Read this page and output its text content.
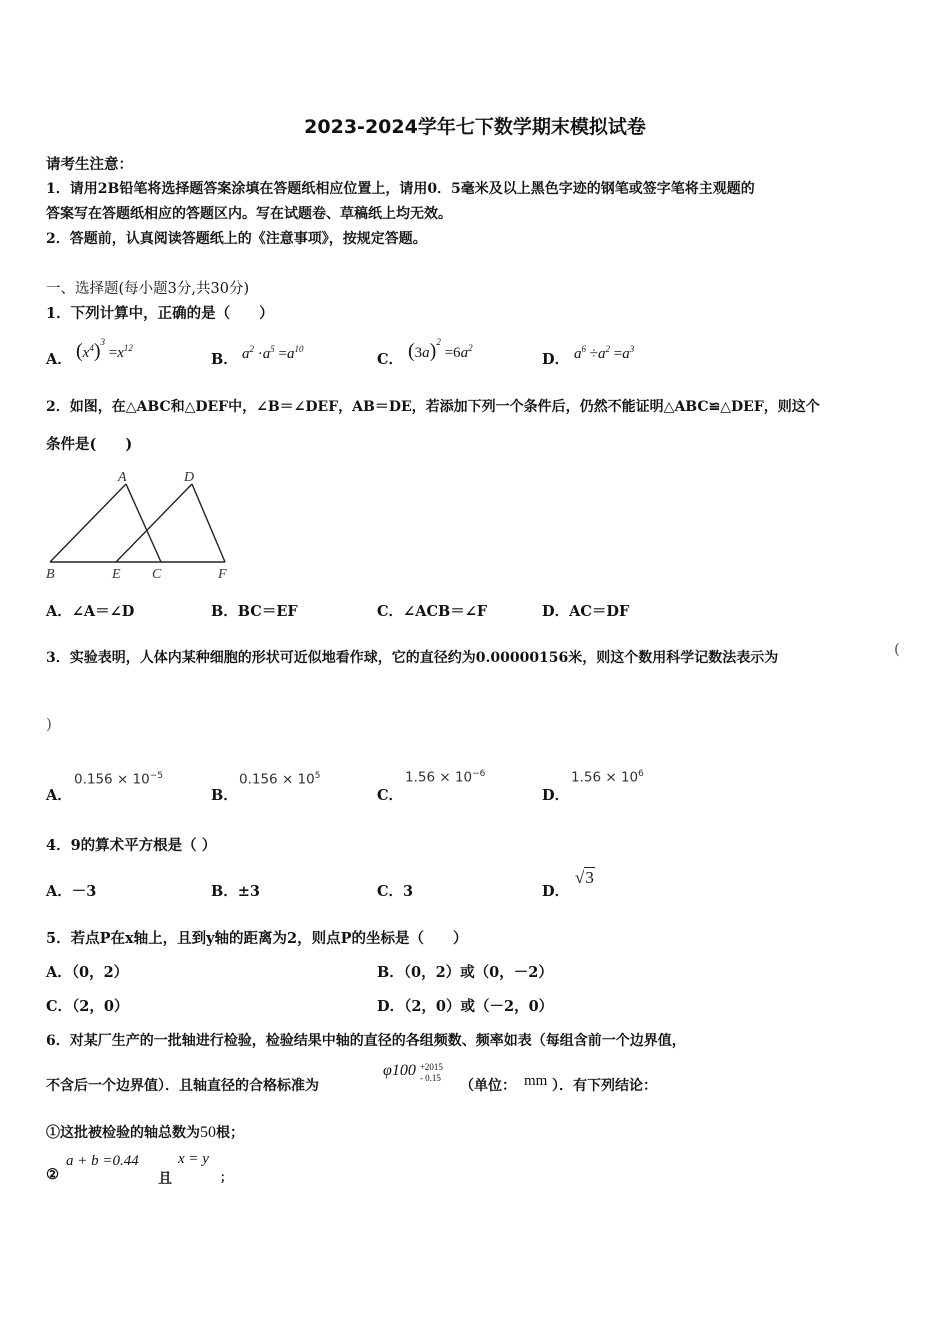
2023-2024学年七下数学期末模拟试卷
请考生注意：
1．请用2B铅笔将选择题答案涂填在答题纸相应位置上，请用0．5毫米及以上黑色字迹的钢笔或签字笔将主观题的
答案写在答题纸相应的答题区内。写在试题卷、草稿纸上均无效。
2．答题前，认真阅读答题纸上的《注意事项》，按规定答题。
一、选择题(每小题3分,共30分)
1．下列计算中，正确的是（　　）
A． $(x^4)^3 =x^{12}$
B． $a^2 \cdot a^5 =a^{10}$
C． $(3a)^2 =6a^2$
D． $a^6 \div a^2 =a^3$
2．如图，在△ABC和△DEF中，∠B＝∠DEF，AB＝DE，若添加下列一个条件后，仍然不能证明△ABC≌△DEF，则这个
条件是(　　)
A	D
B	E C	F
A．∠A＝∠D	B．BC＝EF	C．∠ACB＝∠F	D．AC＝DF
3．实验表明，人体内某种细胞的形状可近似地看作球，它的直径约为0.00000156米，则这个数用科学记数法表示为	(
)
A．
$0.156 \times 10^{-5}$
B．
$0.156 \times 10^5$
C．
$1.56 \times 10^{-6}$
D．
$1.56 \times 10^6$
4．9的算术平方根是（ ）
A．－3	B．±3	C．3	D．
√3
5．若点P在x轴上，且到y轴的距离为2，则点P的坐标是（　　）
A．（0，2）	B．（0，2）或（0，－2）
C．（2，0）	D．（2，0）或（－2，0）
6．对某厂生产的一批轴进行检验，检验结果中轴的直径的各组频数、频率如表（每组含前一个边界值，
不含后一个边界值）．且轴直径的合格标准为
φ100 +2015
- 0.15 （单位： mm ）．有下列结论：
①这批被检验的轴总数为50根；
②
a + b =0.44
且
x = y
；
